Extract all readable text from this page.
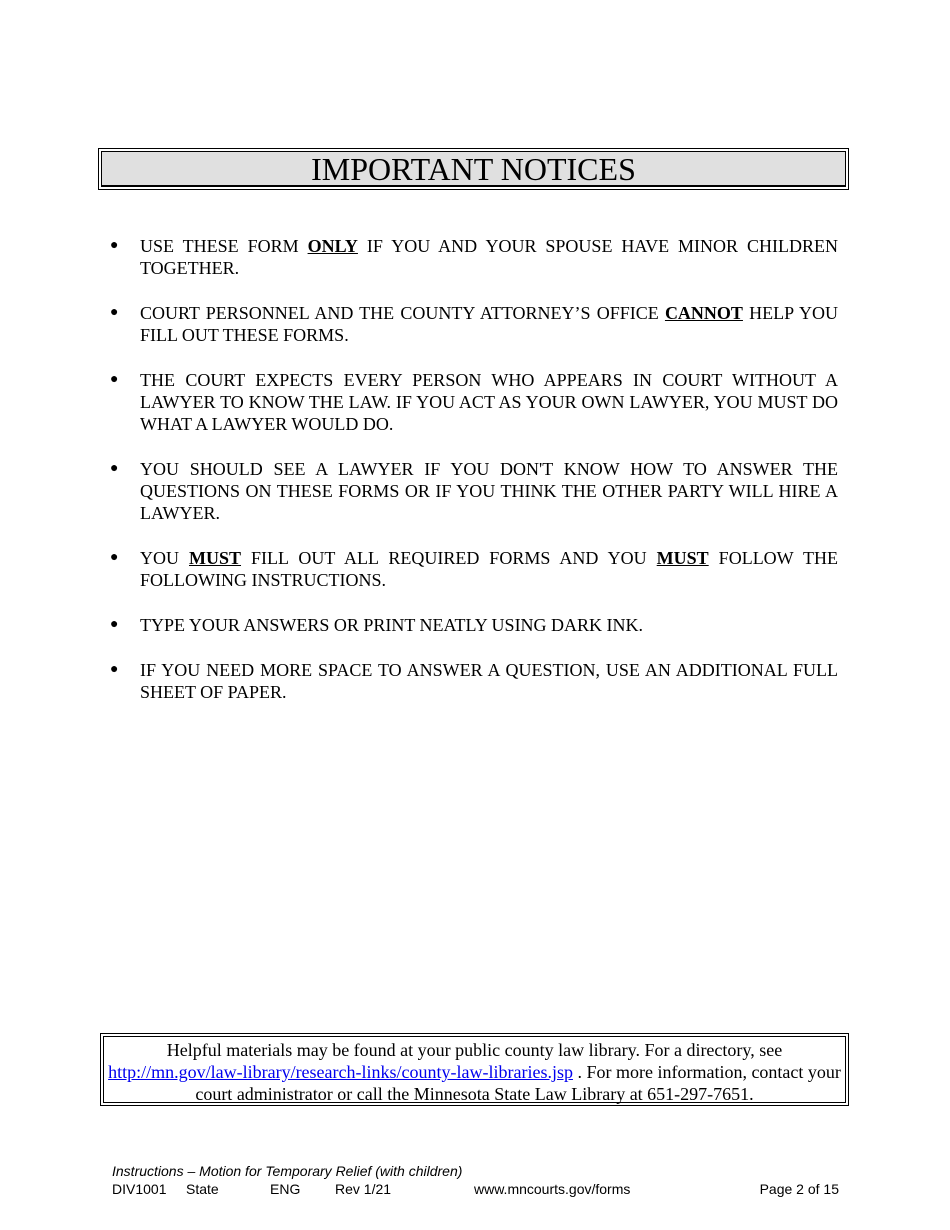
IMPORTANT NOTICES
● USE THESE FORM ONLY IF YOU AND YOUR SPOUSE HAVE MINOR CHILDREN TOGETHER.
● COURT PERSONNEL AND THE COUNTY ATTORNEY’S OFFICE CANNOT HELP YOU FILL OUT THESE FORMS.
● THE COURT EXPECTS EVERY PERSON WHO APPEARS IN COURT WITHOUT A LAWYER TO KNOW THE LAW. IF YOU ACT AS YOUR OWN LAWYER, YOU MUST DO WHAT A LAWYER WOULD DO.
● YOU SHOULD SEE A LAWYER IF YOU DON'T KNOW HOW TO ANSWER THE QUESTIONS ON THESE FORMS OR IF YOU THINK THE OTHER PARTY WILL HIRE A LAWYER.
● YOU MUST FILL OUT ALL REQUIRED FORMS AND YOU MUST FOLLOW THE FOLLOWING INSTRUCTIONS.
● TYPE YOUR ANSWERS OR PRINT NEATLY USING DARK INK.
● IF YOU NEED MORE SPACE TO ANSWER A QUESTION, USE AN ADDITIONAL FULL SHEET OF PAPER.
Helpful materials may be found at your public county law library. For a directory, see
http://mn.gov/law-library/research-links/county-law-libraries.jsp . For more information, contact your court administrator or call the Minnesota State Law Library at 651-297-7651.
Instructions – Motion for Temporary Relief (with children)
DIV1001 State	ENG Rev 1/21	www.mncourts.gov/forms	Page 2 of 15
